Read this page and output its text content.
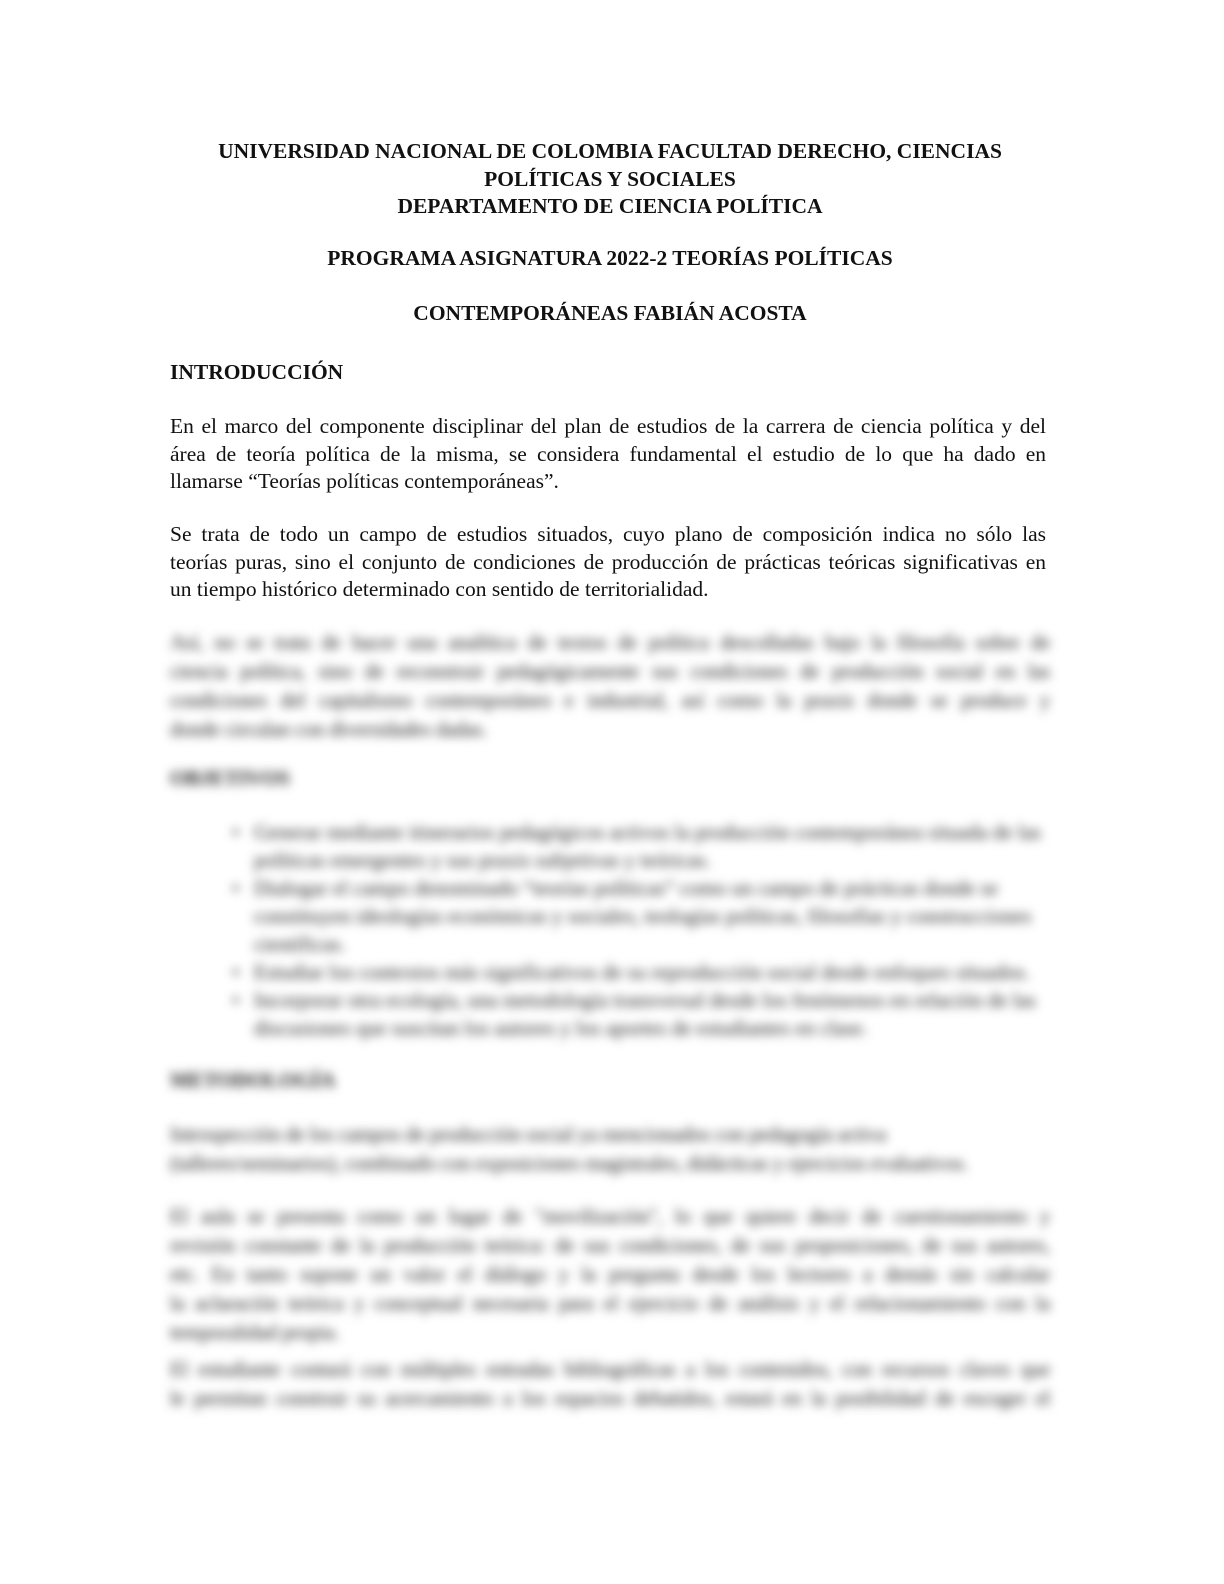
UNIVERSIDAD NACIONAL DE COLOMBIA FACULTAD DERECHO, CIENCIAS
POLÍTICAS Y SOCIALES
DEPARTAMENTO DE CIENCIA POLÍTICA
PROGRAMA ASIGNATURA 2022-2 TEORÍAS POLÍTICAS
CONTEMPORÁNEAS FABIÁN ACOSTA
INTRODUCCIÓN
En el marco del componente disciplinar del plan de estudios de la carrera de ciencia política y del
área de teoría política de la misma, se considera fundamental el estudio de lo que ha dado en
llamarse “Teorías políticas contemporáneas”.
Se trata de todo un campo de estudios situados, cuyo plano de composición indica no sólo las
teorías puras, sino el conjunto de condiciones de producción de prácticas teóricas significativas en
un tiempo histórico determinado con sentido de territorialidad.
Así, no se trata de hacer una analítica de textos de política descolladas bajo la filosofía sobre de
ciencia política, sino de reconstruir pedagógicamente sus condiciones de producción social en las
condiciones del capitalismo contemporáneo e industrial, así como la praxis donde se produce y
donde circulan con diversidades dadas.
OBJETIVOS
• Generar mediante itinerarios pedagógicos activos la producción contemporánea situada de las políticas emergentes y sus praxis subjetivas y teóricas.
• Dialogar el campo denominado “teorías políticas” como un campo de prácticas donde se constituyen ideologías económicas y sociales, teologías políticas, filosofías y construcciones científicas.
• Estudiar los contextos más significativos de su reproducción social desde enfoques situados.
• Incorporar otra ecología, una metodología transversal desde los fenómenos en relación de las discusiones que suscitan los autores y los aportes de estudiantes en clase.
METODOLOGÍA
Introspección de los campos de producción social ya mencionados con pedagogía activa
(talleres/seminarios), combinado con exposiciones magistrales, didácticas y ejercicios evaluativos.
El aula se presenta como un lugar de "movilización", lo que quiere decir de cuestionamiento y
revisión constante de la producción teórica: de sus condiciones, de sus proposiciones, de sus autores,
etc. En tanto supone un valor el diálogo y la pregunta desde los lectores a demás sin calcular
la aclaración teórica y conceptual necesaria para el ejercicio de análisis y el relacionamiento con la
temporalidad propia.
El estudiante contará con múltiples entradas bibliográficas a los contenidos, con recursos claves que
le permitan construir su acercamiento a los espacios debatidos, estará en la posibilidad de escoger el
